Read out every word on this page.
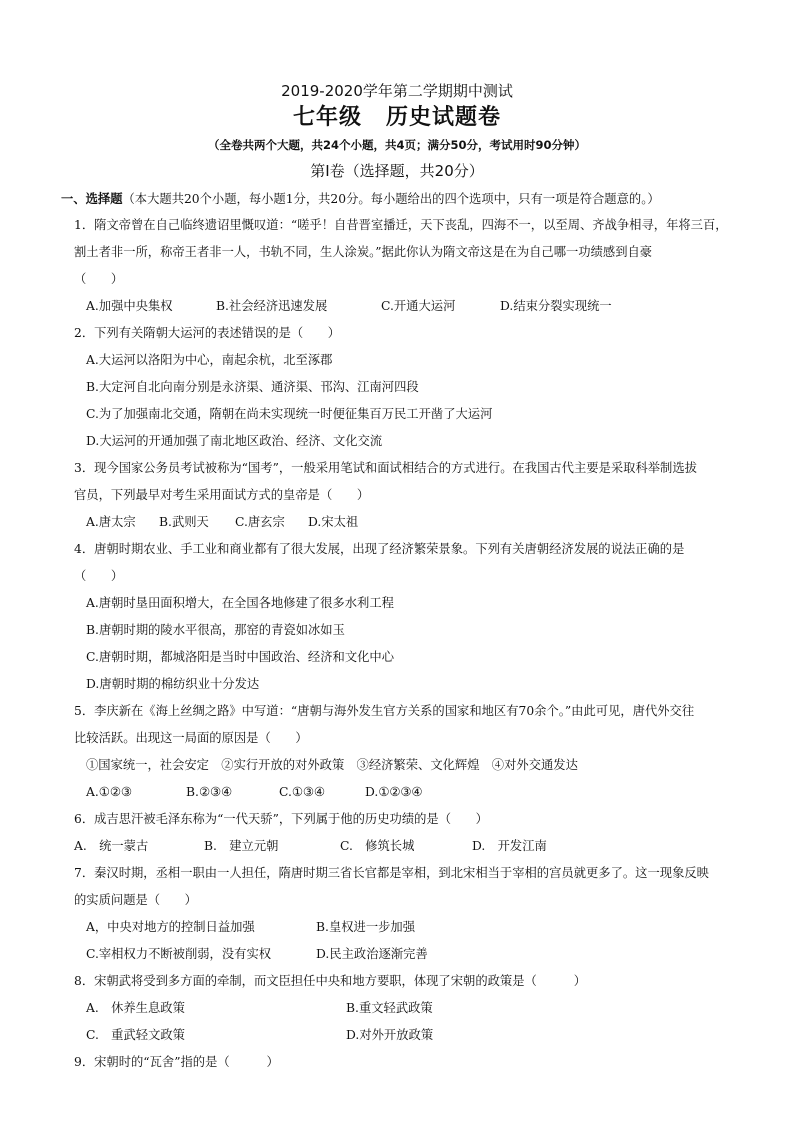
2019-2020学年第二学期期中测试
七年级 历史试题卷
（全卷共两个大题，共24个小题，共4页；满分50分，考试用时90分钟）
第Ⅰ卷（选择题，共20分）
一、选择题（本大题共20个小题，每小题1分，共20分。每小题给出的四个选项中，只有一项是符合题意的。）
1．隋文帝曾在自己临终遗诏里慨叹道：“嗟乎！自昔晋室播迁，天下丧乱，四海不一，以至周、齐战争相寻，年将三百，
割土者非一所，称帝王者非一人，书轨不同，生人涂炭。”据此你认为隋文帝这是在为自己哪一功绩感到自豪
（　　）
A.加强中央集权	B.社会经济迅速发展	C.开通大运河	D.结束分裂实现统一
2．下列有关隋朝大运河的表述错误的是（　　）
A.大运河以洛阳为中心，南起余杭，北至涿郡
B.大定河自北向南分别是永济渠、通济渠、邗沟、江南河四段
C.为了加强南北交通，隋朝在尚未实现统一时便征集百万民工开凿了大运河
D.大运河的开通加强了南北地区政治、经济、文化交流
3．现今国家公务员考试被称为“国考”，一般采用笔试和面试相结合的方式进行。在我国古代主要是采取科举制选拔
官员，下列最早对考生采用面试方式的皇帝是（　　）
A.唐太宗 B.武则天 C.唐玄宗 D.宋太祖
4．唐朝时期农业、手工业和商业都有了很大发展，出现了经济繁荣景象。下列有关唐朝经济发展的说法正确的是
（　　）
A.唐朝时垦田面积增大，在全国各地修建了很多水利工程
B.唐朝时期的陵水平很高，那窑的青瓷如冰如玉
C.唐朝时期，都城洛阳是当时中国政治、经济和文化中心
D.唐朝时期的棉纺织业十分发达
5．李庆新在《海上丝绸之路》中写道：“唐朝与海外发生官方关系的国家和地区有70余个。”由此可见，唐代外交往
比较活跃。出现这一局面的原因是（　　）
①国家统一，社会安定　②实行开放的对外政策　③经济繁荣、文化辉煌　④对外交通发达
A.①②③	B.②③④	C.①③④	D.①②③④
6．成吉思汗被毛泽东称为“一代天骄”，下列属于他的历史功绩的是（　　）
A.　统一蒙古	B.　建立元朝	C.　修筑长城	D.　开发江南
7．秦汉时期，丞相一职由一人担任，隋唐时期三省长官都是宰相，到北宋相当于宰相的宫员就更多了。这一现象反映
的实质问题是（　　）
A，中央对地方的控制日益加强	B.皇权进一步加强
C.宰相权力不断被削弱，没有实权	D.民主政治逐渐完善
8．宋朝武将受到多方面的牵制，而文臣担任中央和地方要职，体现了宋朝的政策是（　　　）
A.　休养生息政策	B.重文轻武政策
C.　重武轻文政策	D.对外开放政策
9．宋朝时的“瓦舍”指的是（　　　）
